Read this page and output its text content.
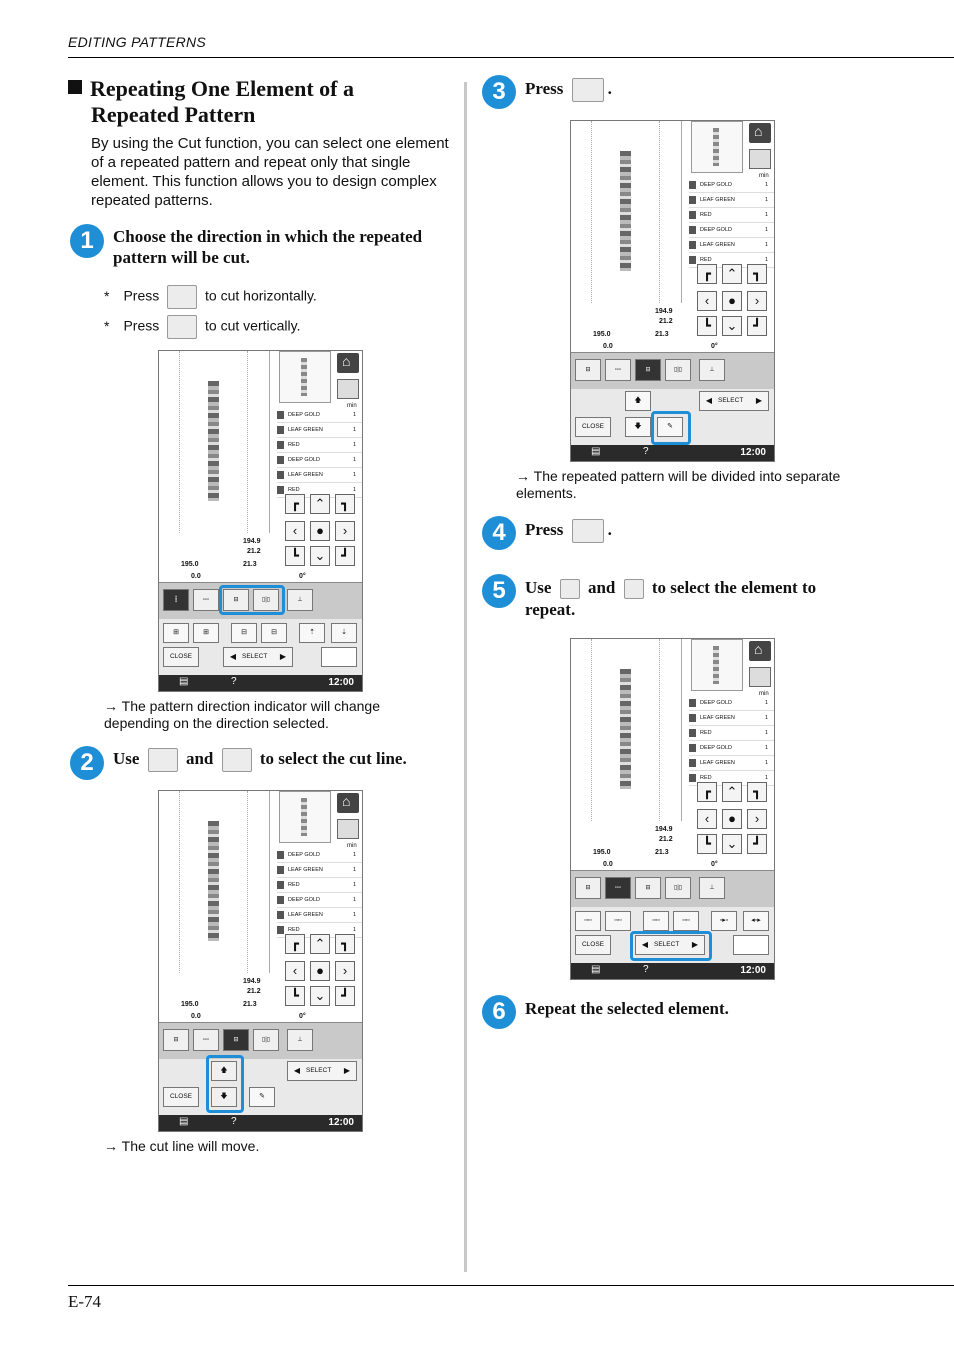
EDITING PATTERNS
Repeating One Element of a
Repeated Pattern
By using the Cut function, you can select one element of a repeated pattern and repeat only that single element. This function allows you to design complex repeated patterns.
1	Choose the direction in which the repeated pattern will be cut.
* Press	to cut horizontally.
* Press	to cut vertically.
⌂
min
DEEP GOLD	1
LEAF GREEN	1
RED	1
DEEP GOLD	1
LEAF GREEN	1
RED	1
┏	⌃	┓
‹	●	›
┗	⌄	┛
194.9
21.2
195.0	21.3
0.0	0°
┇	▫▫▫	⊟	▯|▯	⊥
⊞	⊞	⊟	⊟	⇡	⇣
CLOSE	◀ SELECT	▶
▤	?	12:00
→ The pattern direction indicator will change depending on the direction selected.
2	Use	and	to select the cut line.
⌂
min
DEEP GOLD	1
LEAF GREEN	1
RED	1
DEEP GOLD	1
LEAF GREEN	1
RED	1
┏	⌃	┓
‹	●	›
┗	⌄	┛
194.9
21.2
195.0	21.3
0.0	0°
⊟	▫▫▫	⊟	▯|▯	⊥
🡅
🡇	✎
CLOSE
◀ SELECT	▶
▤	?	12:00
→ The cut line will move.
3	Press	.
⌂
min
DEEP GOLD	1
LEAF GREEN	1
RED	1
DEEP GOLD	1
LEAF GREEN	1
RED	1
┏	⌃	┓
‹	●	›
┗	⌄	┛
194.9
21.2
195.0	21.3
0.0	0°
⊟	▫▫▫	⊟	▯|▯	⊥
🡅
🡇	✎
CLOSE
◀ SELECT	▶
▤	?	12:00
→ The repeated pattern will be divided into separate elements.
4	Press	.
5	Use and to select the element to
repeat.
⌂
min
DEEP GOLD	1
LEAF GREEN	1
RED	1
DEEP GOLD	1
LEAF GREEN	1
RED	1
┏	⌃	┓
‹	●	›
┗	⌄	┛
194.9
21.2
195.0	21.3
0.0	0°
⊟	▫▫▫	⊟	▯|▯	⊥
▫▫▫	▫▫▫	▫▫▫	▫▫▫	▫▸▫	◂▫▸
CLOSE	◀ SELECT	▶
▤	?	12:00
6	Repeat the selected element.
E-74
